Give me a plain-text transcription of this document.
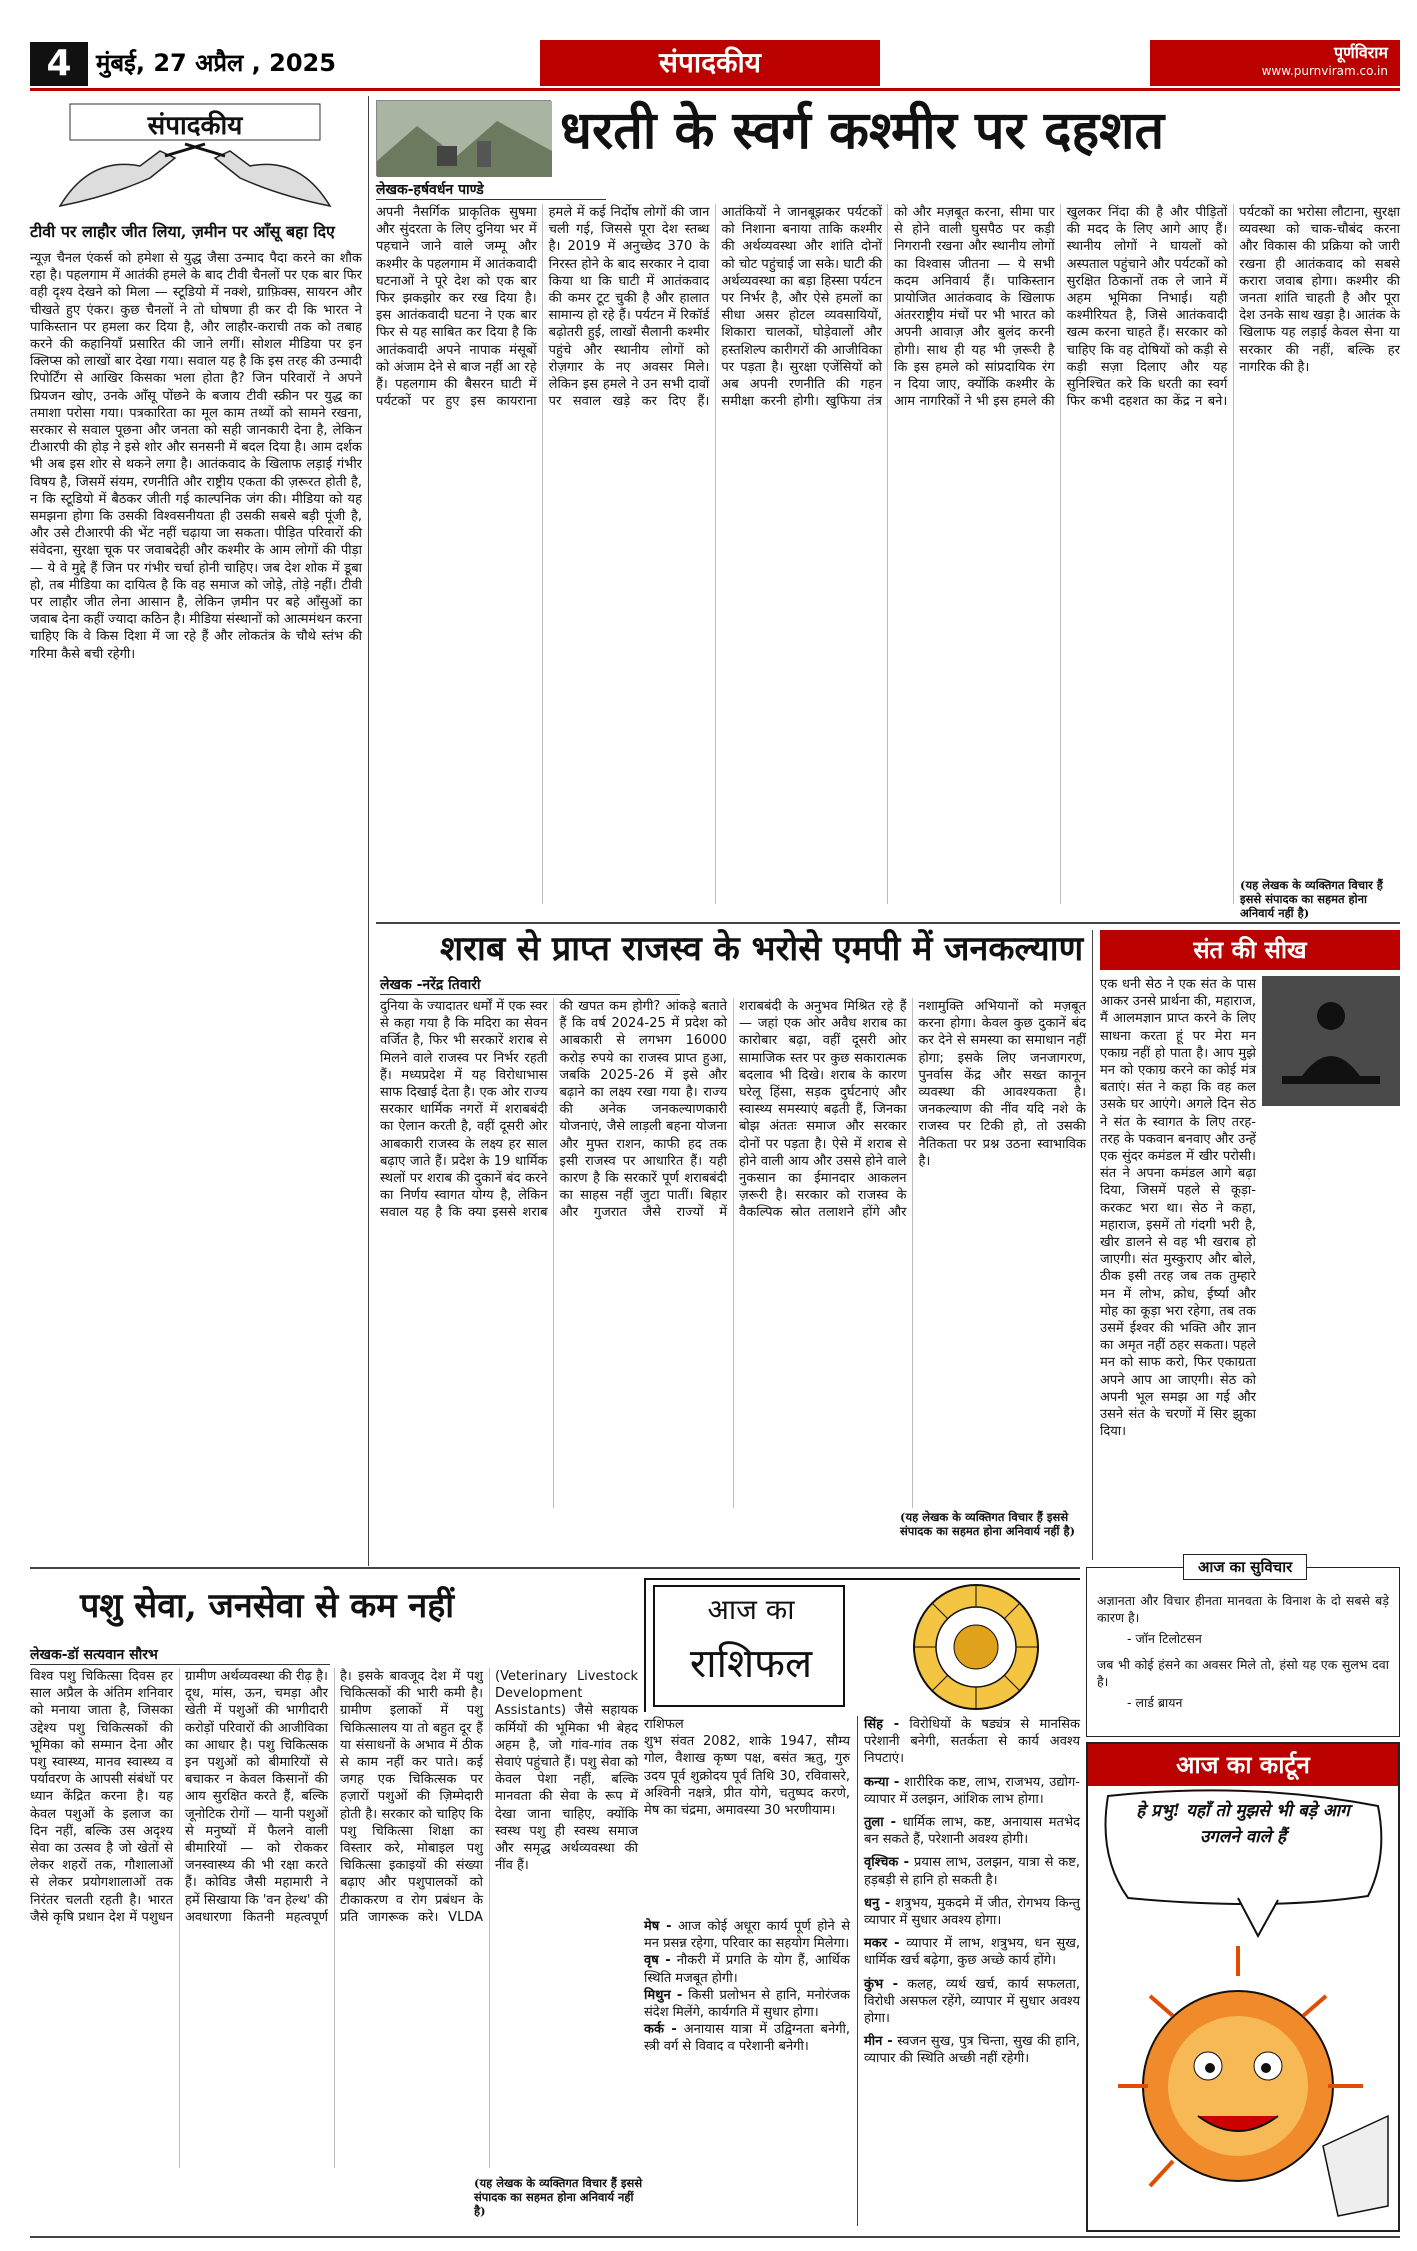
4	मुंबई, 27 अप्रैल , 2025	संपादकीय	पूर्णविराम
www.purnviram.co.in
संपादकीय
टीवी पर लाहौर जीत लिया, ज़मीन पर आँसू बहा दिए
न्यूज़ चैनल एंकर्स को हमेशा से युद्ध जैसा उन्माद पैदा करने का शौक रहा है। पहलगाम में आतंकी हमले के बाद टीवी चैनलों पर एक बार फिर वही दृश्य देखने को मिला — स्टूडियो में नक्शे, ग्राफ़िक्स, सायरन और चीखते हुए एंकर। कुछ चैनलों ने तो घोषणा ही कर दी कि भारत ने पाकिस्तान पर हमला कर दिया है, और लाहौर-कराची तक को तबाह करने की कहानियाँ प्रसारित की जाने लगीं। सोशल मीडिया पर इन क्लिप्स को लाखों बार देखा गया। सवाल यह है कि इस तरह की उन्मादी रिपोर्टिंग से आखिर किसका भला होता है? जिन परिवारों ने अपने प्रियजन खोए, उनके आँसू पोंछने के बजाय टीवी स्क्रीन पर युद्ध का तमाशा परोसा गया। पत्रकारिता का मूल काम तथ्यों को सामने रखना, सरकार से सवाल पूछना और जनता को सही जानकारी देना है, लेकिन टीआरपी की होड़ ने इसे शोर और सनसनी में बदल दिया है। आम दर्शक भी अब इस शोर से थकने लगा है। आतंकवाद के खिलाफ लड़ाई गंभीर विषय है, जिसमें संयम, रणनीति और राष्ट्रीय एकता की ज़रूरत होती है, न कि स्टूडियो में बैठकर जीती गई काल्पनिक जंग की। मीडिया को यह समझना होगा कि उसकी विश्वसनीयता ही उसकी सबसे बड़ी पूंजी है, और उसे टीआरपी की भेंट नहीं चढ़ाया जा सकता। पीड़ित परिवारों की संवेदना, सुरक्षा चूक पर जवाबदेही और कश्मीर के आम लोगों की पीड़ा — ये वे मुद्दे हैं जिन पर गंभीर चर्चा होनी चाहिए। जब देश शोक में डूबा हो, तब मीडिया का दायित्व है कि वह समाज को जोड़े, तोड़े नहीं। टीवी पर लाहौर जीत लेना आसान है, लेकिन ज़मीन पर बहे आँसुओं का जवाब देना कहीं ज्यादा कठिन है। मीडिया संस्थानों को आत्ममंथन करना चाहिए कि वे किस दिशा में जा रहे हैं और लोकतंत्र के चौथे स्तंभ की गरिमा कैसे बची रहेगी।
धरती के स्वर्ग कश्मीर पर दहशत
लेखक-हर्षवर्धन पाण्डे
अपनी नैसर्गिक प्राकृतिक सुषमा और सुंदरता के लिए दुनिया भर में पहचाने जाने वाले जम्मू और कश्मीर के पहलगाम में आतंकवादी घटनाओं ने पूरे देश को एक बार फिर झकझोर कर रख दिया है। इस आतंकवादी घटना ने एक बार फिर से यह साबित कर दिया है कि आतंकवादी अपने नापाक मंसूबों को अंजाम देने से बाज नहीं आ रहे हैं। पहलगाम की बैसरन घाटी में पर्यटकों पर हुए इस कायराना हमले में कई निर्दोष लोगों की जान चली गई, जिससे पूरा देश स्तब्ध है। 2019 में अनुच्छेद 370 के निरस्त होने के बाद सरकार ने दावा किया था कि घाटी में आतंकवाद की कमर टूट चुकी है और हालात सामान्य हो रहे हैं। पर्यटन में रिकॉर्ड बढ़ोतरी हुई, लाखों सैलानी कश्मीर पहुंचे और स्थानीय लोगों को रोज़गार के नए अवसर मिले। लेकिन इस हमले ने उन सभी दावों पर सवाल खड़े कर दिए हैं। आतंकियों ने जानबूझकर पर्यटकों को निशाना बनाया ताकि कश्मीर की अर्थव्यवस्था और शांति दोनों को चोट पहुंचाई जा सके। घाटी की अर्थव्यवस्था का बड़ा हिस्सा पर्यटन पर निर्भर है, और ऐसे हमलों का सीधा असर होटल व्यवसायियों, शिकारा चालकों, घोड़ेवालों और हस्तशिल्प कारीगरों की आजीविका पर पड़ता है। सुरक्षा एजेंसियों को अब अपनी रणनीति की गहन समीक्षा करनी होगी। खुफिया तंत्र को और मज़बूत करना, सीमा पार से होने वाली घुसपैठ पर कड़ी निगरानी रखना और स्थानीय लोगों का विश्वास जीतना — ये सभी कदम अनिवार्य हैं। पाकिस्तान प्रायोजित आतंकवाद के खिलाफ अंतरराष्ट्रीय मंचों पर भी भारत को अपनी आवाज़ और बुलंद करनी होगी। साथ ही यह भी ज़रूरी है कि इस हमले को सांप्रदायिक रंग न दिया जाए, क्योंकि कश्मीर के आम नागरिकों ने भी इस हमले की खुलकर निंदा की है और पीड़ितों की मदद के लिए आगे आए हैं। स्थानीय लोगों ने घायलों को अस्पताल पहुंचाने और पर्यटकों को सुरक्षित ठिकानों तक ले जाने में अहम भूमिका निभाई। यही कश्मीरियत है, जिसे आतंकवादी खत्म करना चाहते हैं। सरकार को चाहिए कि वह दोषियों को कड़ी से कड़ी सज़ा दिलाए और यह सुनिश्चित करे कि धरती का स्वर्ग फिर कभी दहशत का केंद्र न बने। पर्यटकों का भरोसा लौटाना, सुरक्षा व्यवस्था को चाक-चौबंद करना और विकास की प्रक्रिया को जारी रखना ही आतंकवाद को सबसे करारा जवाब होगा। कश्मीर की जनता शांति चाहती है और पूरा देश उनके साथ खड़ा है। आतंक के खिलाफ यह लड़ाई केवल सेना या सरकार की नहीं, बल्कि हर नागरिक की है।
(यह लेखक के व्यक्तिगत विचार हैं इससे संपादक का सहमत होना अनिवार्य नहीं है)
शराब से प्राप्त राजस्व के भरोसे एमपी में जनकल्याण
लेखक -नरेंद्र तिवारी
दुनिया के ज्यादातर धर्मों में एक स्वर से कहा गया है कि मदिरा का सेवन वर्जित है, फिर भी सरकारें शराब से मिलने वाले राजस्व पर निर्भर रहती हैं। मध्यप्रदेश में यह विरोधाभास साफ दिखाई देता है। एक ओर राज्य सरकार धार्मिक नगरों में शराबबंदी का ऐलान करती है, वहीं दूसरी ओर आबकारी राजस्व के लक्ष्य हर साल बढ़ाए जाते हैं। प्रदेश के 19 धार्मिक स्थलों पर शराब की दुकानें बंद करने का निर्णय स्वागत योग्य है, लेकिन सवाल यह है कि क्या इससे शराब की खपत कम होगी? आंकड़े बताते हैं कि वर्ष 2024-25 में प्रदेश को आबकारी से लगभग 16000 करोड़ रुपये का राजस्व प्राप्त हुआ, जबकि 2025-26 में इसे और बढ़ाने का लक्ष्य रखा गया है। राज्य की अनेक जनकल्याणकारी योजनाएं, जैसे लाड़ली बहना योजना और मुफ्त राशन, काफी हद तक इसी राजस्व पर आधारित हैं। यही कारण है कि सरकारें पूर्ण शराबबंदी का साहस नहीं जुटा पातीं। बिहार और गुजरात जैसे राज्यों में शराबबंदी के अनुभव मिश्रित रहे हैं — जहां एक ओर अवैध शराब का कारोबार बढ़ा, वहीं दूसरी ओर सामाजिक स्तर पर कुछ सकारात्मक बदलाव भी दिखे। शराब के कारण घरेलू हिंसा, सड़क दुर्घटनाएं और स्वास्थ्य समस्याएं बढ़ती हैं, जिनका बोझ अंततः समाज और सरकार दोनों पर पड़ता है। ऐसे में शराब से होने वाली आय और उससे होने वाले नुकसान का ईमानदार आकलन ज़रूरी है। सरकार को राजस्व के वैकल्पिक स्रोत तलाशने होंगे और नशामुक्ति अभियानों को मज़बूत करना होगा। केवल कुछ दुकानें बंद कर देने से समस्या का समाधान नहीं होगा; इसके लिए जनजागरण, पुनर्वास केंद्र और सख्त कानून व्यवस्था की आवश्यकता है। जनकल्याण की नींव यदि नशे के राजस्व पर टिकी हो, तो उसकी नैतिकता पर प्रश्न उठना स्वाभाविक है।
(यह लेखक के व्यक्तिगत विचार हैं इससे संपादक का सहमत होना अनिवार्य नहीं है)
संत की सीख
एक धनी सेठ ने एक संत के पास आकर उनसे प्रार्थना की, महाराज, मैं आलमज्ञान प्राप्त करने के लिए साधना करता हूं पर मेरा मन एकाग्र नहीं हो पाता है। आप मुझे मन को एकाग्र करने का कोई मंत्र बताएं। संत ने कहा कि वह कल उसके घर आएंगे। अगले दिन सेठ ने संत के स्वागत के लिए तरह-तरह के पकवान बनवाए और उन्हें एक सुंदर कमंडल में खीर परोसी। संत ने अपना कमंडल आगे बढ़ा दिया, जिसमें पहले से कूड़ा-करकट भरा था। सेठ ने कहा, महाराज, इसमें तो गंदगी भरी है, खीर डालने से वह भी खराब हो जाएगी। संत मुस्कुराए और बोले, ठीक इसी तरह जब तक तुम्हारे मन में लोभ, क्रोध, ईर्ष्या और मोह का कूड़ा भरा रहेगा, तब तक उसमें ईश्वर की भक्ति और ज्ञान का अमृत नहीं ठहर सकता। पहले मन को साफ करो, फिर एकाग्रता अपने आप आ जाएगी। सेठ को अपनी भूल समझ आ गई और उसने संत के चरणों में सिर झुका दिया।
आज का सुविचार
अज्ञानता और विचार हीनता मानवता के विनाश के दो सबसे बड़े कारण है।
- जॉन टिलोटसन
जब भी कोई हंसने का अवसर मिले तो, हंसो यह एक सुलभ दवा है।
- लार्ड ब्रायन
पशु सेवा, जनसेवा से कम नहीं
लेखक-डॉ सत्यवान सौरभ
विश्व पशु चिकित्सा दिवस हर साल अप्रैल के अंतिम शनिवार को मनाया जाता है, जिसका उद्देश्य पशु चिकित्सकों की भूमिका को सम्मान देना और पशु स्वास्थ्य, मानव स्वास्थ्य व पर्यावरण के आपसी संबंधों पर ध्यान केंद्रित करना है। यह केवल पशुओं के इलाज का दिन नहीं, बल्कि उस अदृश्य सेवा का उत्सव है जो खेतों से लेकर शहरों तक, गौशालाओं से लेकर प्रयोगशालाओं तक निरंतर चलती रहती है। भारत जैसे कृषि प्रधान देश में पशुधन ग्रामीण अर्थव्यवस्था की रीढ़ है। दूध, मांस, ऊन, चमड़ा और खेती में पशुओं की भागीदारी करोड़ों परिवारों की आजीविका का आधार है। पशु चिकित्सक इन पशुओं को बीमारियों से बचाकर न केवल किसानों की आय सुरक्षित करते हैं, बल्कि जूनोटिक रोगों — यानी पशुओं से मनुष्यों में फैलने वाली बीमारियों — को रोककर जनस्वास्थ्य की भी रक्षा करते हैं। कोविड जैसी महामारी ने हमें सिखाया कि 'वन हेल्थ' की अवधारणा कितनी महत्वपूर्ण है। इसके बावजूद देश में पशु चिकित्सकों की भारी कमी है। ग्रामीण इलाकों में पशु चिकित्सालय या तो बहुत दूर हैं या संसाधनों के अभाव में ठीक से काम नहीं कर पाते। कई जगह एक चिकित्सक पर हज़ारों पशुओं की ज़िम्मेदारी होती है। सरकार को चाहिए कि पशु चिकित्सा शिक्षा का विस्तार करे, मोबाइल पशु चिकित्सा इकाइयों की संख्या बढ़ाए और पशुपालकों को टीकाकरण व रोग प्रबंधन के प्रति जागरूक करे। VLDA (Veterinary Livestock Development Assistants) जैसे सहायक कर्मियों की भूमिका भी बेहद अहम है, जो गांव-गांव तक सेवाएं पहुंचाते हैं। पशु सेवा को केवल पेशा नहीं, बल्कि मानवता की सेवा के रूप में देखा जाना चाहिए, क्योंकि स्वस्थ पशु ही स्वस्थ समाज और समृद्ध अर्थव्यवस्था की नींव हैं।
(यह लेखक के व्यक्तिगत विचार हैं इससे संपादक का सहमत होना अनिवार्य नहीं है)
आज का
राशिफल
राशिफल
शुभ संवत 2082, शाके 1947, सौम्य गोल, वैशाख कृष्ण पक्ष, बसंत ऋतु, गुरु उदय पूर्व शुक्रोदय पूर्व तिथि 30, रविवासरे, अश्विनी नक्षत्रे, प्रीत योगे, चतुष्पद करणे, मेष का चंद्रमा, अमावस्या 30 भरणीयाम।
मेष - आज कोई अधूरा कार्य पूर्ण होने से मन प्रसन्न रहेगा, परिवार का सहयोग मिलेगा।
वृष - नौकरी में प्रगति के योग हैं, आर्थिक स्थिति मजबूत होगी।
मिथुन - किसी प्रलोभन से हानि, मनोरंजक संदेश मिलेंगे, कार्यगति में सुधार होगा।
कर्क - अनायास यात्रा में उद्विग्नता बनेगी, स्त्री वर्ग से विवाद व परेशानी बनेगी।
सिंह - विरोधियों के षड्यंत्र से मानसिक परेशानी बनेगी, सतर्कता से कार्य अवश्य निपटाएं।
कन्या - शारीरिक कष्ट, लाभ, राजभय, उद्योग-व्यापार में उलझन, आंशिक लाभ होगा।
तुला - धार्मिक लाभ, कष्ट, अनायास मतभेद बन सकते हैं, परेशानी अवश्य होगी।
वृश्चिक - प्रयास लाभ, उलझन, यात्रा से कष्ट, हड़बड़ी से हानि हो सकती है।
धनु - शत्रुभय, मुकदमे में जीत, रोगभय किन्तु व्यापार में सुधार अवश्य होगा।
मकर - व्यापार में लाभ, शत्रुभय, धन सुख, धार्मिक खर्च बढ़ेगा, कुछ अच्छे कार्य होंगे।
कुंभ - कलह, व्यर्थ खर्च, कार्य सफलता, विरोधी असफल रहेंगे, व्यापार में सुधार अवश्य होगा।
मीन - स्वजन सुख, पुत्र चिन्ता, सुख की हानि, व्यापार की स्थिति अच्छी नहीं रहेगी।
आज का कार्टून
हे प्रभु! यहाँ तो मुझसे भी बड़े आग उगलने वाले हैं
